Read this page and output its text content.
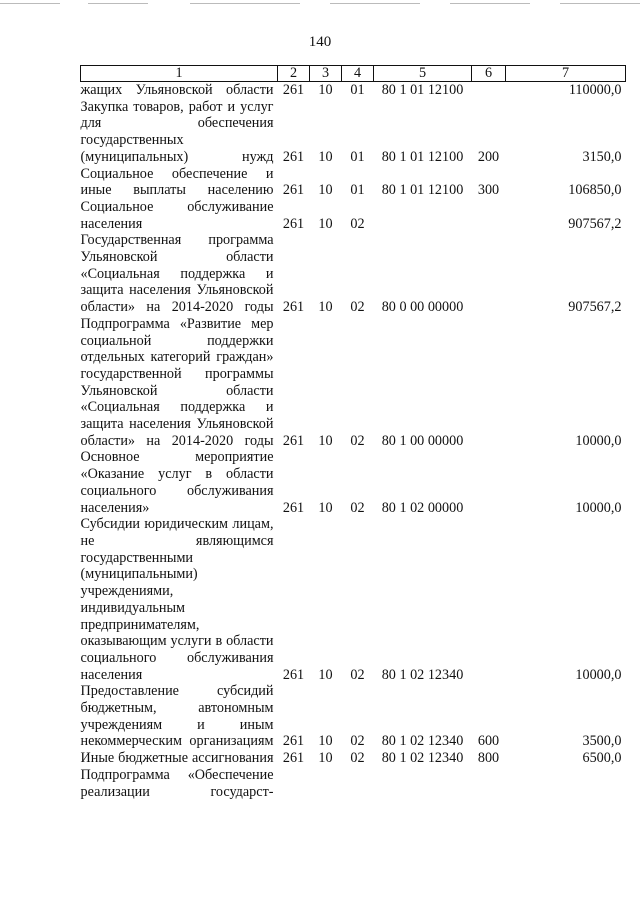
140
1	2	3	4	5	6	7
жащих Ульяновской области	261	10	01	80 1 01 12100		110000,0
Закупка товаров, работ и услуг для обеспечения государственных (муниципальных) нужд	261	10	01	80 1 01 12100	200	3150,0
Социальное обеспечение и иные выплаты населению	261	10	01	80 1 01 12100	300	106850,0
Социальное обслуживание населения	261	10	02			907567,2
Государственная программа Ульяновской области «Социальная поддержка и защита населения Ульяновской области» на 2014-2020 годы	261	10	02	80 0 00 00000		907567,2
Подпрограмма «Развитие мер социальной поддержки отдельных категорий граждан» государственной программы Ульяновской области «Социальная поддержка и защита населения Ульяновской области» на 2014-2020 годы	261	10	02	80 1 00 00000		10000,0
Основное мероприятие «Оказание услуг в области социального обслуживания населения»	261	10	02	80 1 02 00000		10000,0
Субсидии юридическим лицам, не являющимся государственными (муниципальными) учреждениями, индивидуальным предпринимателям, оказывающим услуги в области социального обслуживания населения	261	10	02	80 1 02 12340		10000,0
Предоставление субсидий бюджетным, автономным учреждениям и иным некоммерческим организациям	261	10	02	80 1 02 12340	600	3500,0
Иные бюджетные ассигнования	261	10	02	80 1 02 12340	800	6500,0
Подпрограмма «Обеспечение реализации государст-						
